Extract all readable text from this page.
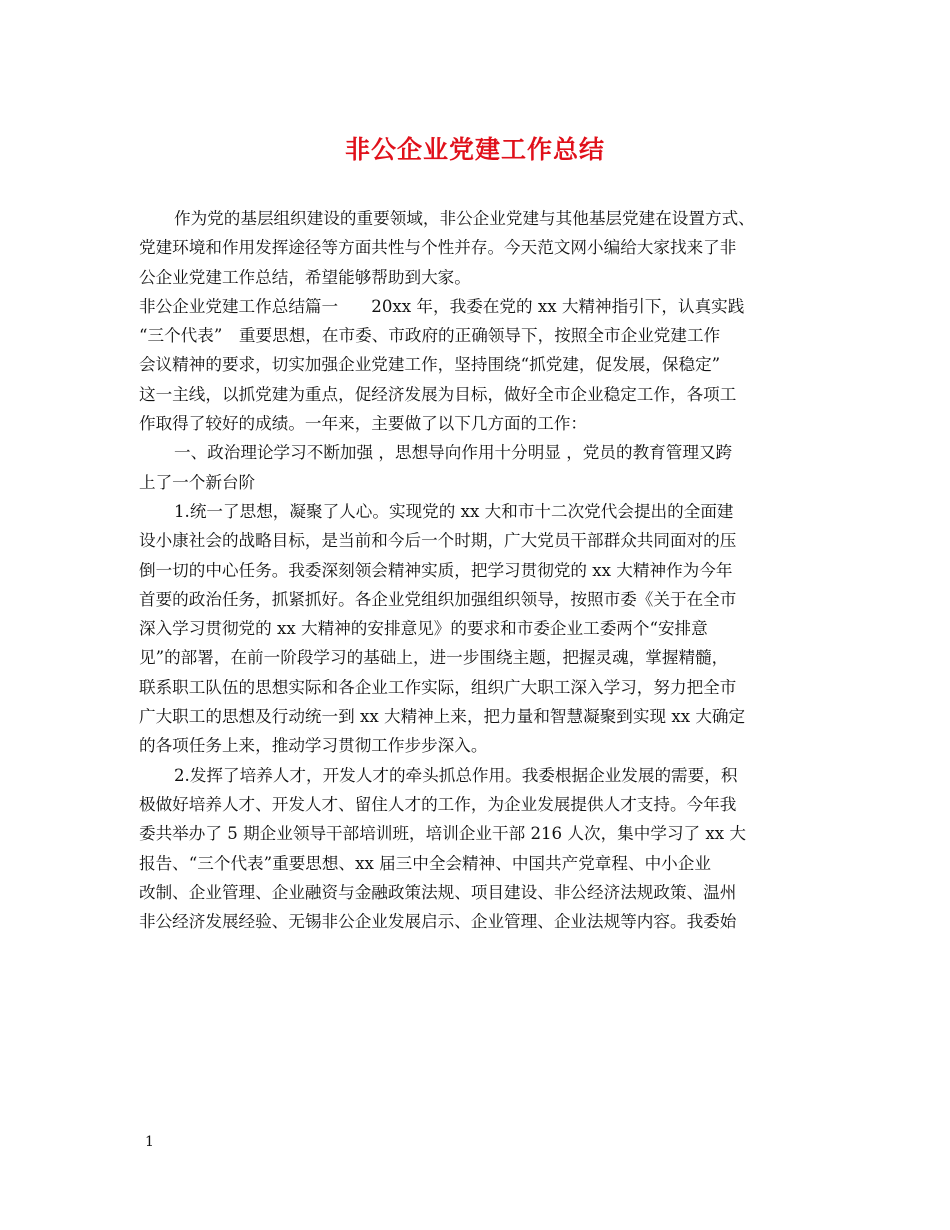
非公企业党建工作总结
作为党的基层组织建设的重要领域，非公企业党建与其他基层党建在设置方式、
党建环境和作用发挥途径等方面共性与个性并存。今天范文网小编给大家找来了非
公企业党建工作总结，希望能够帮助到大家。
非公企业党建工作总结篇一　　20xx 年，我委在党的 xx 大精神指引下，认真实践
“三个代表”　重要思想，在市委、市政府的正确领导下，按照全市企业党建工作
会议精神的要求，切实加强企业党建工作，坚持围绕“抓党建，促发展，保稳定”
这一主线，以抓党建为重点，促经济发展为目标，做好全市企业稳定工作，各项工
作取得了较好的成绩。一年来，主要做了以下几方面的工作：
一、政治理论学习不断加强 ，思想导向作用十分明显 ，党员的教育管理又跨
上了一个新台阶
1.统一了思想，凝聚了人心。实现党的 xx 大和市十二次党代会提出的全面建
设小康社会的战略目标，是当前和今后一个时期，广大党员干部群众共同面对的压
倒一切的中心任务。我委深刻领会精神实质，把学习贯彻党的 xx 大精神作为今年
首要的政治任务，抓紧抓好。各企业党组织加强组织领导，按照市委《关于在全市
深入学习贯彻党的 xx 大精神的安排意见》的要求和市委企业工委两个“安排意
见”的部署，在前一阶段学习的基础上，进一步围绕主题，把握灵魂，掌握精髓，
联系职工队伍的思想实际和各企业工作实际，组织广大职工深入学习，努力把全市
广大职工的思想及行动统一到 xx 大精神上来，把力量和智慧凝聚到实现 xx 大确定
的各项任务上来，推动学习贯彻工作步步深入。
2.发挥了培养人才，开发人才的牵头抓总作用。我委根据企业发展的需要，积
极做好培养人才、开发人才、留住人才的工作，为企业发展提供人才支持。今年我
委共举办了 5 期企业领导干部培训班，培训企业干部 216 人次，集中学习了 xx 大
报告、“三个代表”重要思想、xx 届三中全会精神、中国共产党章程、中小企业
改制、企业管理、企业融资与金融政策法规、项目建设、非公经济法规政策、温州
非公经济发展经验、无锡非公企业发展启示、企业管理、企业法规等内容。我委始
1
